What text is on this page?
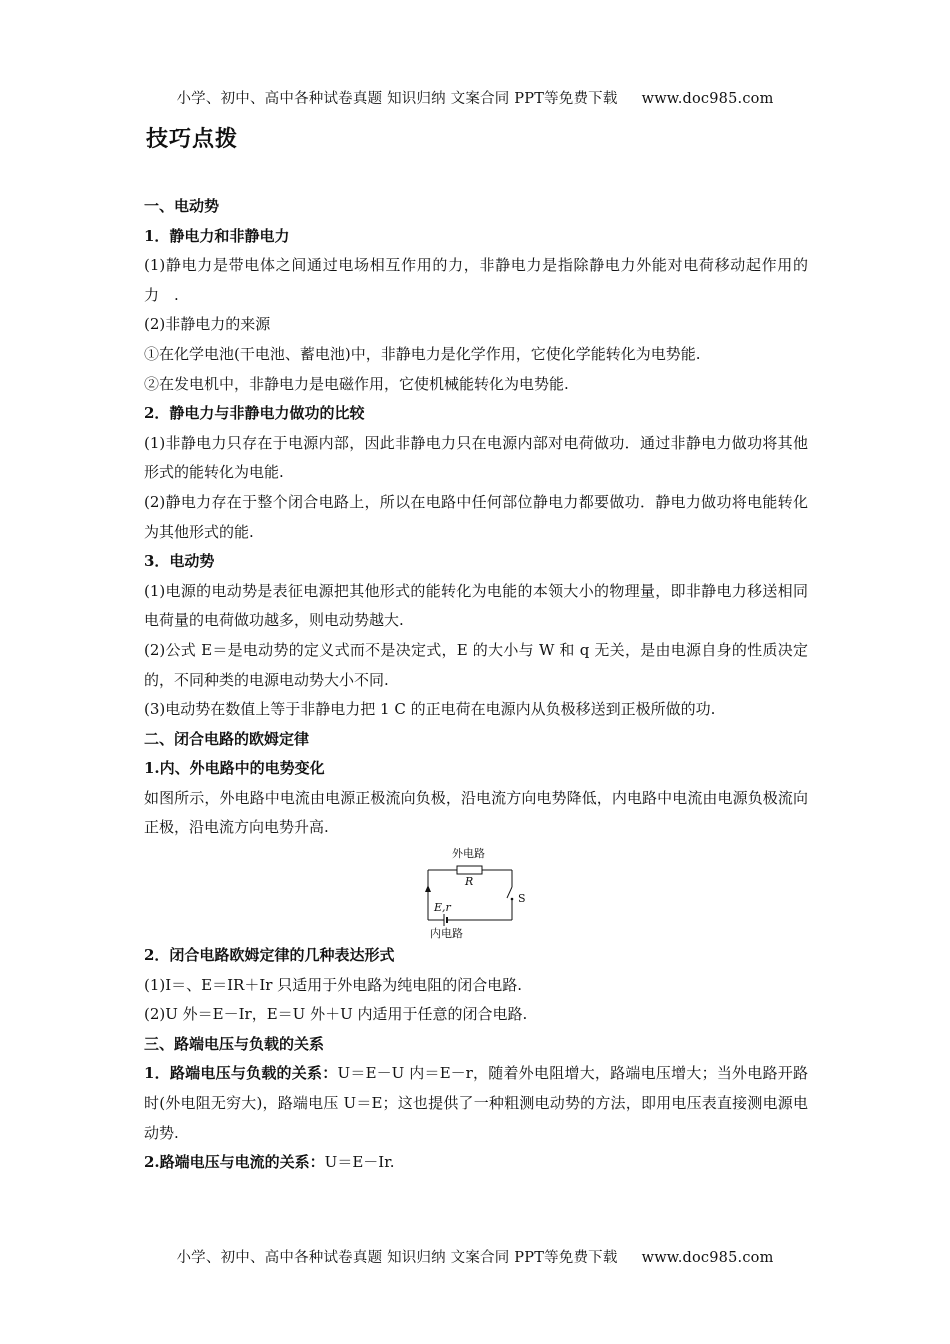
小学、初中、高中各种试卷真题 知识归纳 文案合同 PPT等免费下载 www.doc985.com
技巧点拨

一、电动势

1．静电力和非静电力

(1)静电力是带电体之间通过电场相互作用的力，非静电力是指除静电力外能对电荷移动起作用的力　.

(2)非静电力的来源

①在化学电池(干电池、蓄电池)中，非静电力是化学作用，它使化学能转化为电势能.

②在发电机中，非静电力是电磁作用，它使机械能转化为电势能.

2．静电力与非静电力做功的比较

(1)非静电力只存在于电源内部，因此非静电力只在电源内部对电荷做功．通过非静电力做功将其他形式的能转化为电能.

(2)静电力存在于整个闭合电路上，所以在电路中任何部位静电力都要做功．静电力做功将电能转化为其他形式的能.

3．电动势

(1)电源的电动势是表征电源把其他形式的能转化为电能的本领大小的物理量，即非静电力移送相同电荷量的电荷做功越多，则电动势越大.

(2)公式 E＝是电动势的定义式而不是决定式，E 的大小与 W 和 q 无关，是由电源自身的性质决定的，不同种类的电源电动势大小不同.

(3)电动势在数值上等于非静电力把 1 C 的正电荷在电源内从负极移送到正极所做的功.

二、闭合电路的欧姆定律

1.内、外电路中的电势变化

如图所示，外电路中电流由电源正极流向负极，沿电流方向电势降低，内电路中电流由电源负极流向正极，沿电流方向电势升高.

外电路
R
S
E,r
内电路

2．闭合电路欧姆定律的几种表达形式

(1)I＝、E＝IR＋Ir 只适用于外电路为纯电阻的闭合电路.

(2)U 外＝E－Ir，E＝U 外＋U 内适用于任意的闭合电路.

三、路端电压与负载的关系

1．路端电压与负载的关系：U＝E－U 内＝E－r，随着外电阻增大，路端电压增大；当外电路开路时(外电阻无穷大)，路端电压 U＝E；这也提供了一种粗测电动势的方法，即用电压表直接测电源电动势.

2.路端电压与电流的关系：U＝E－Ir.

小学、初中、高中各种试卷真题 知识归纳 文案合同 PPT等免费下载 www.doc985.com
